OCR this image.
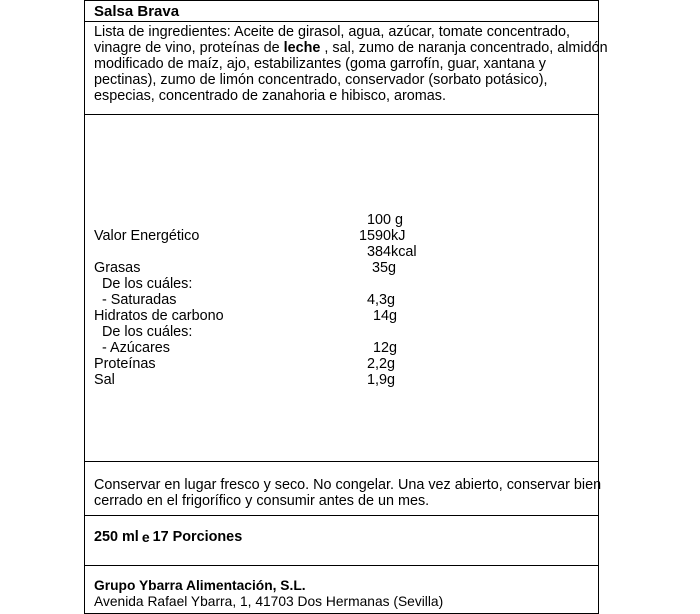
Salsa Brava
Lista de ingredientes: Aceite de girasol, agua, azúcar, tomate concentrado,
vinagre de vino, proteínas de leche , sal, zumo de naranja concentrado, almidón
modificado de maíz, ajo, estabilizantes (goma garrofín, guar, xantana y
pectinas), zumo de limón concentrado, conservador (sorbato potásico),
especias, concentrado de zanahoria e hibisco, aromas.
100 g
Valor Energético	1590kJ
384kcal
Grasas	35g
De los cuáles:
- Saturadas	4,3g
Hidratos de carbono	14g
De los cuáles:
- Azúcares	12g
Proteínas	2,2g
Sal	1,9g
Conservar en lugar fresco y seco. No congelar. Una vez abierto, conservar bien
cerrado en el frigorífico y consumir antes de un mes.
250 ml e 17 Porciones
Grupo Ybarra Alimentación, S.L.
Avenida Rafael Ybarra, 1, 41703 Dos Hermanas (Sevilla)
